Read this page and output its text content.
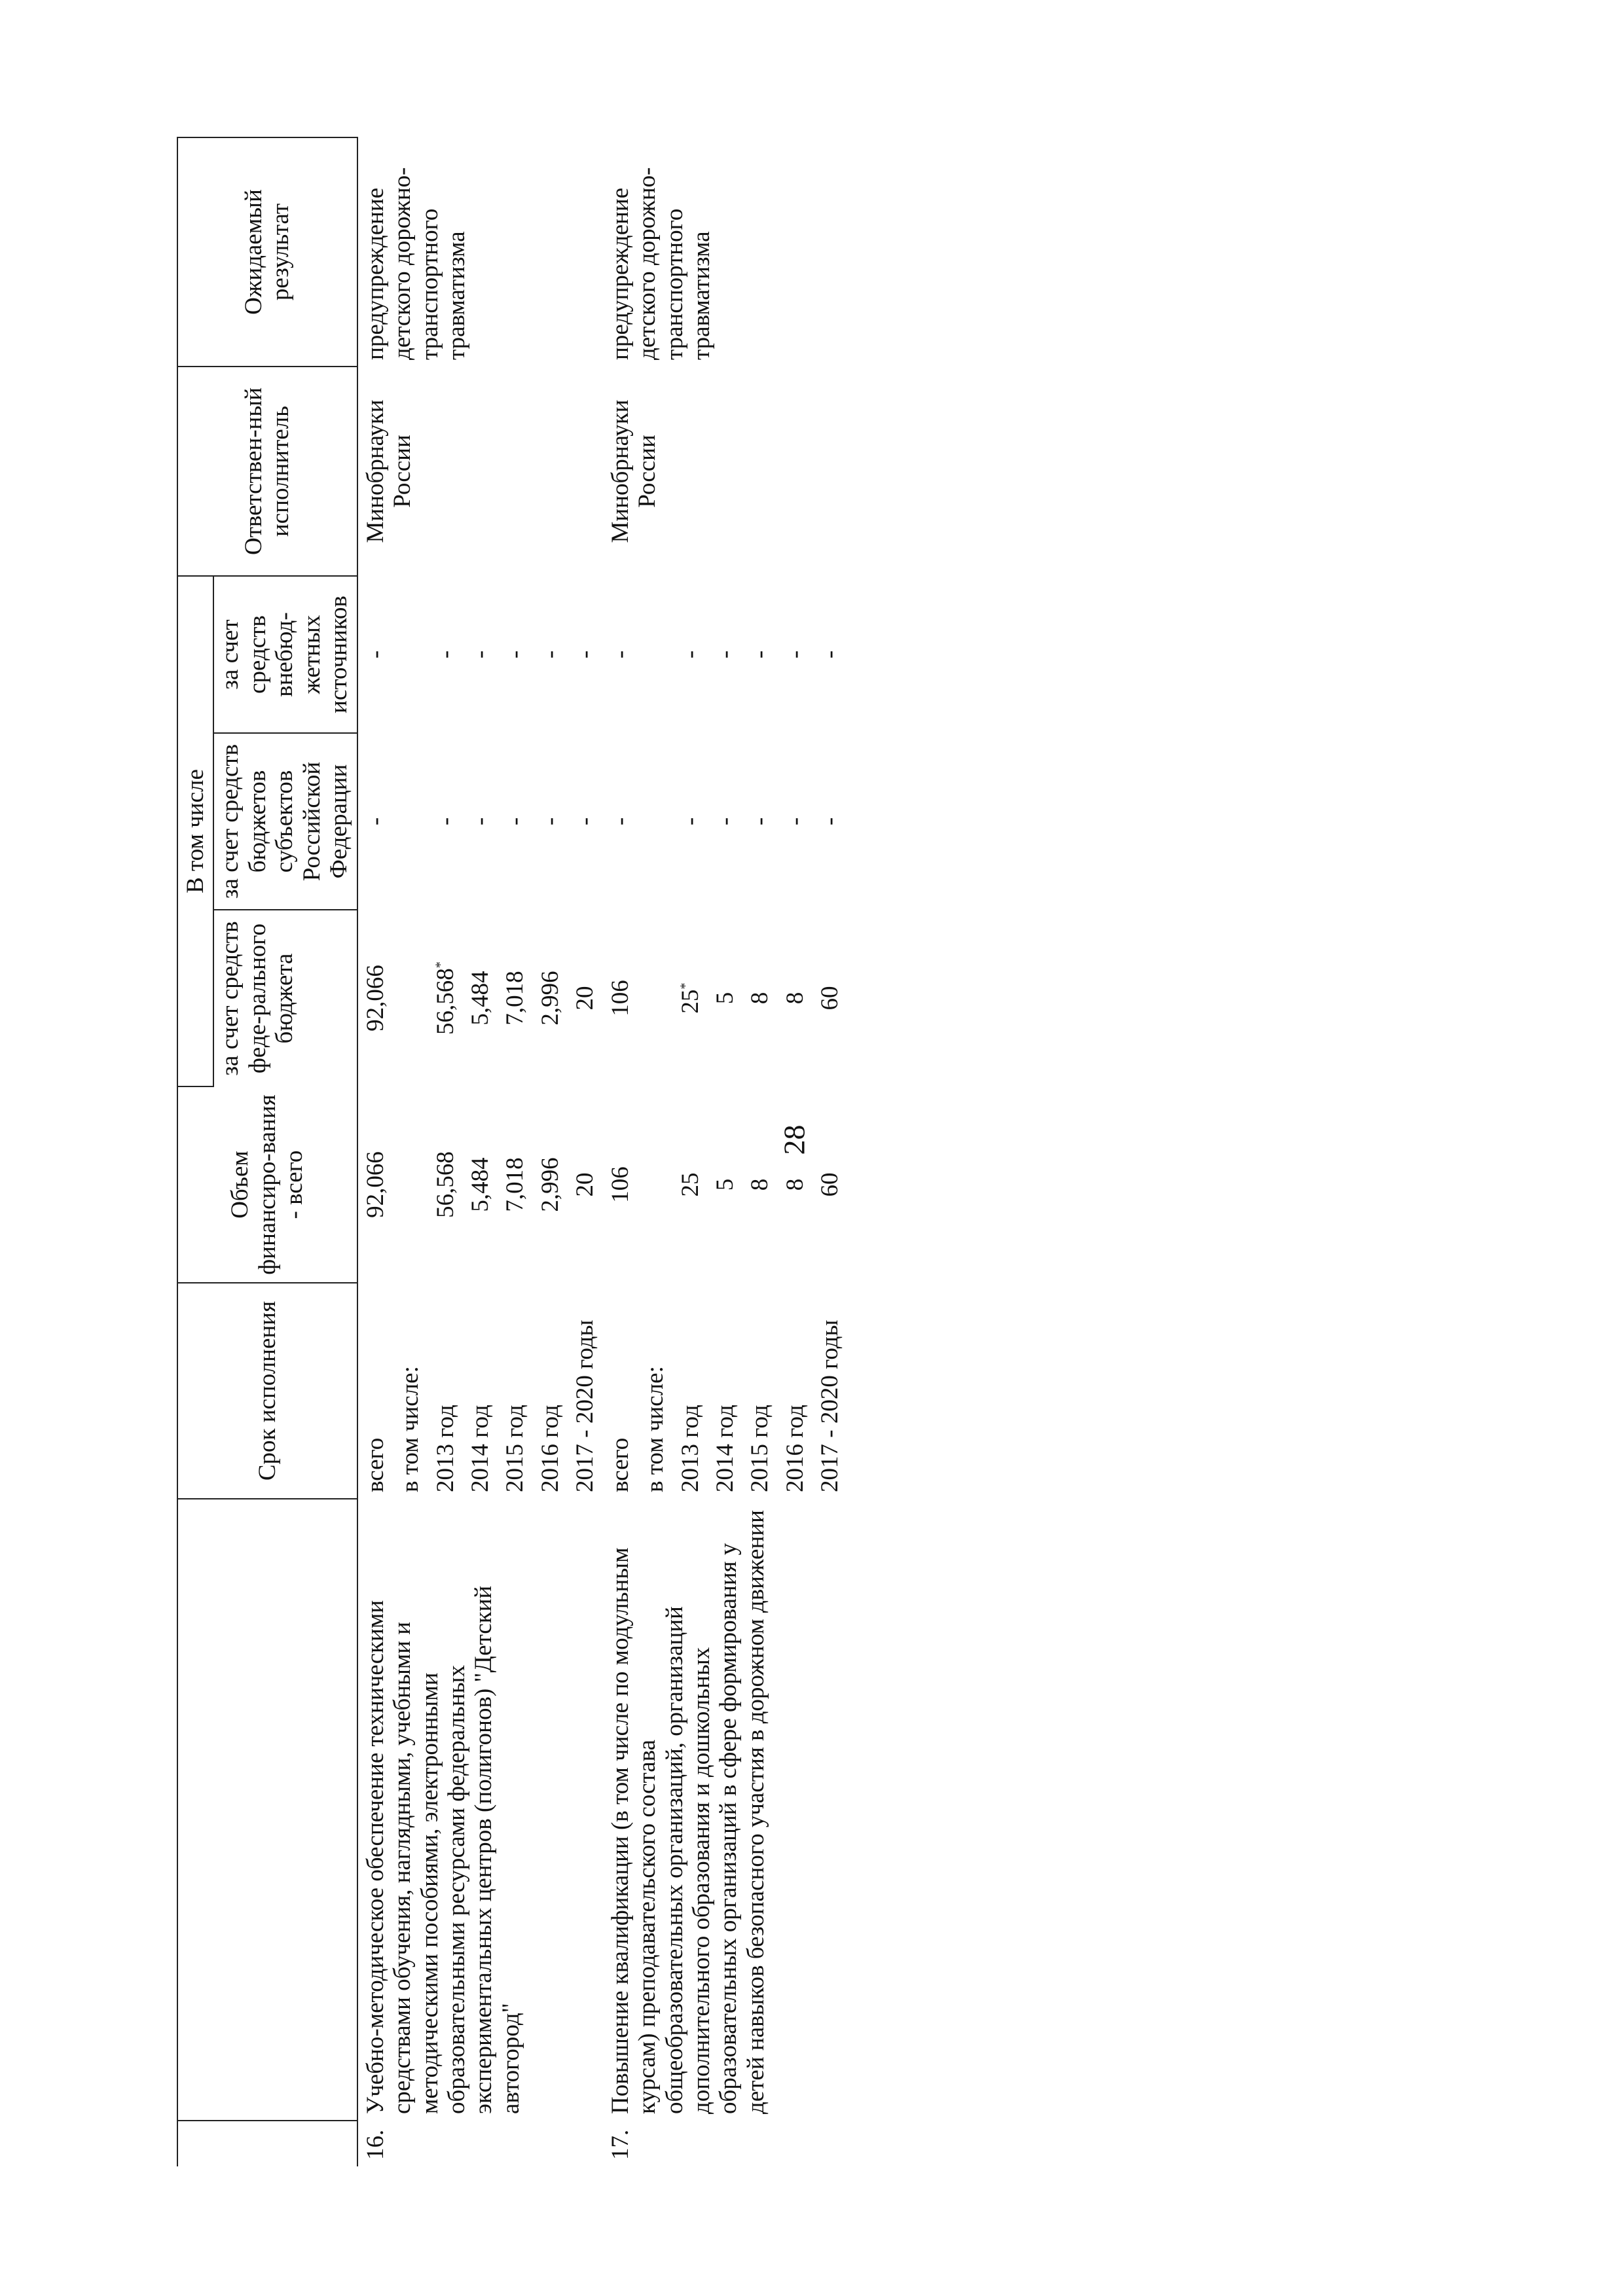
28
		Срок исполнения	Объем финансиро-вания - всего	В том числе			Ответствен-ный исполнитель	Ожидаемый результат
				за счет средств феде-рального бюджета	за счет средств бюджетов субъектов Российской Федерации	за счет средств внебюд-жетных источников		
16.	Учебно-методическое обеспечение техническими средствами обучения, наглядными, учебными и методическими пособиями, электронными образовательными ресурсами федеральных экспериментальных центров (полигонов) "Детский автогород"	всего	92,066	92,066	-	-	Минобрнауки России	предупреждение детского дорожно-транспортного травматизма
		в том числе:						
		2013 год	56,568	56,568*	-	-		
		2014 год	5,484	5,484	-	-		
		2015 год	7,018	7,018	-	-		
		2016 год	2,996	2,996	-	-		
		2017 - 2020 годы	20	20	-	-		
17.	Повышение квалификации (в том числе по модульным курсам) преподавательского состава общеобразовательных организаций, организаций дополнительного образования и дошкольных образовательных организаций в сфере формирования у детей навыков безопасного участия в дорожном движении	всего	106	106	-	-	Минобрнауки России	предупреждение детского дорожно-транспортного травматизма
		в том числе:						
		2013 год	25	25*	-	-		
		2014 год	5	5	-	-		
		2015 год	8	8	-	-		
		2016 год	8	8	-	-		
		2017 - 2020 годы	60	60	-	-		
